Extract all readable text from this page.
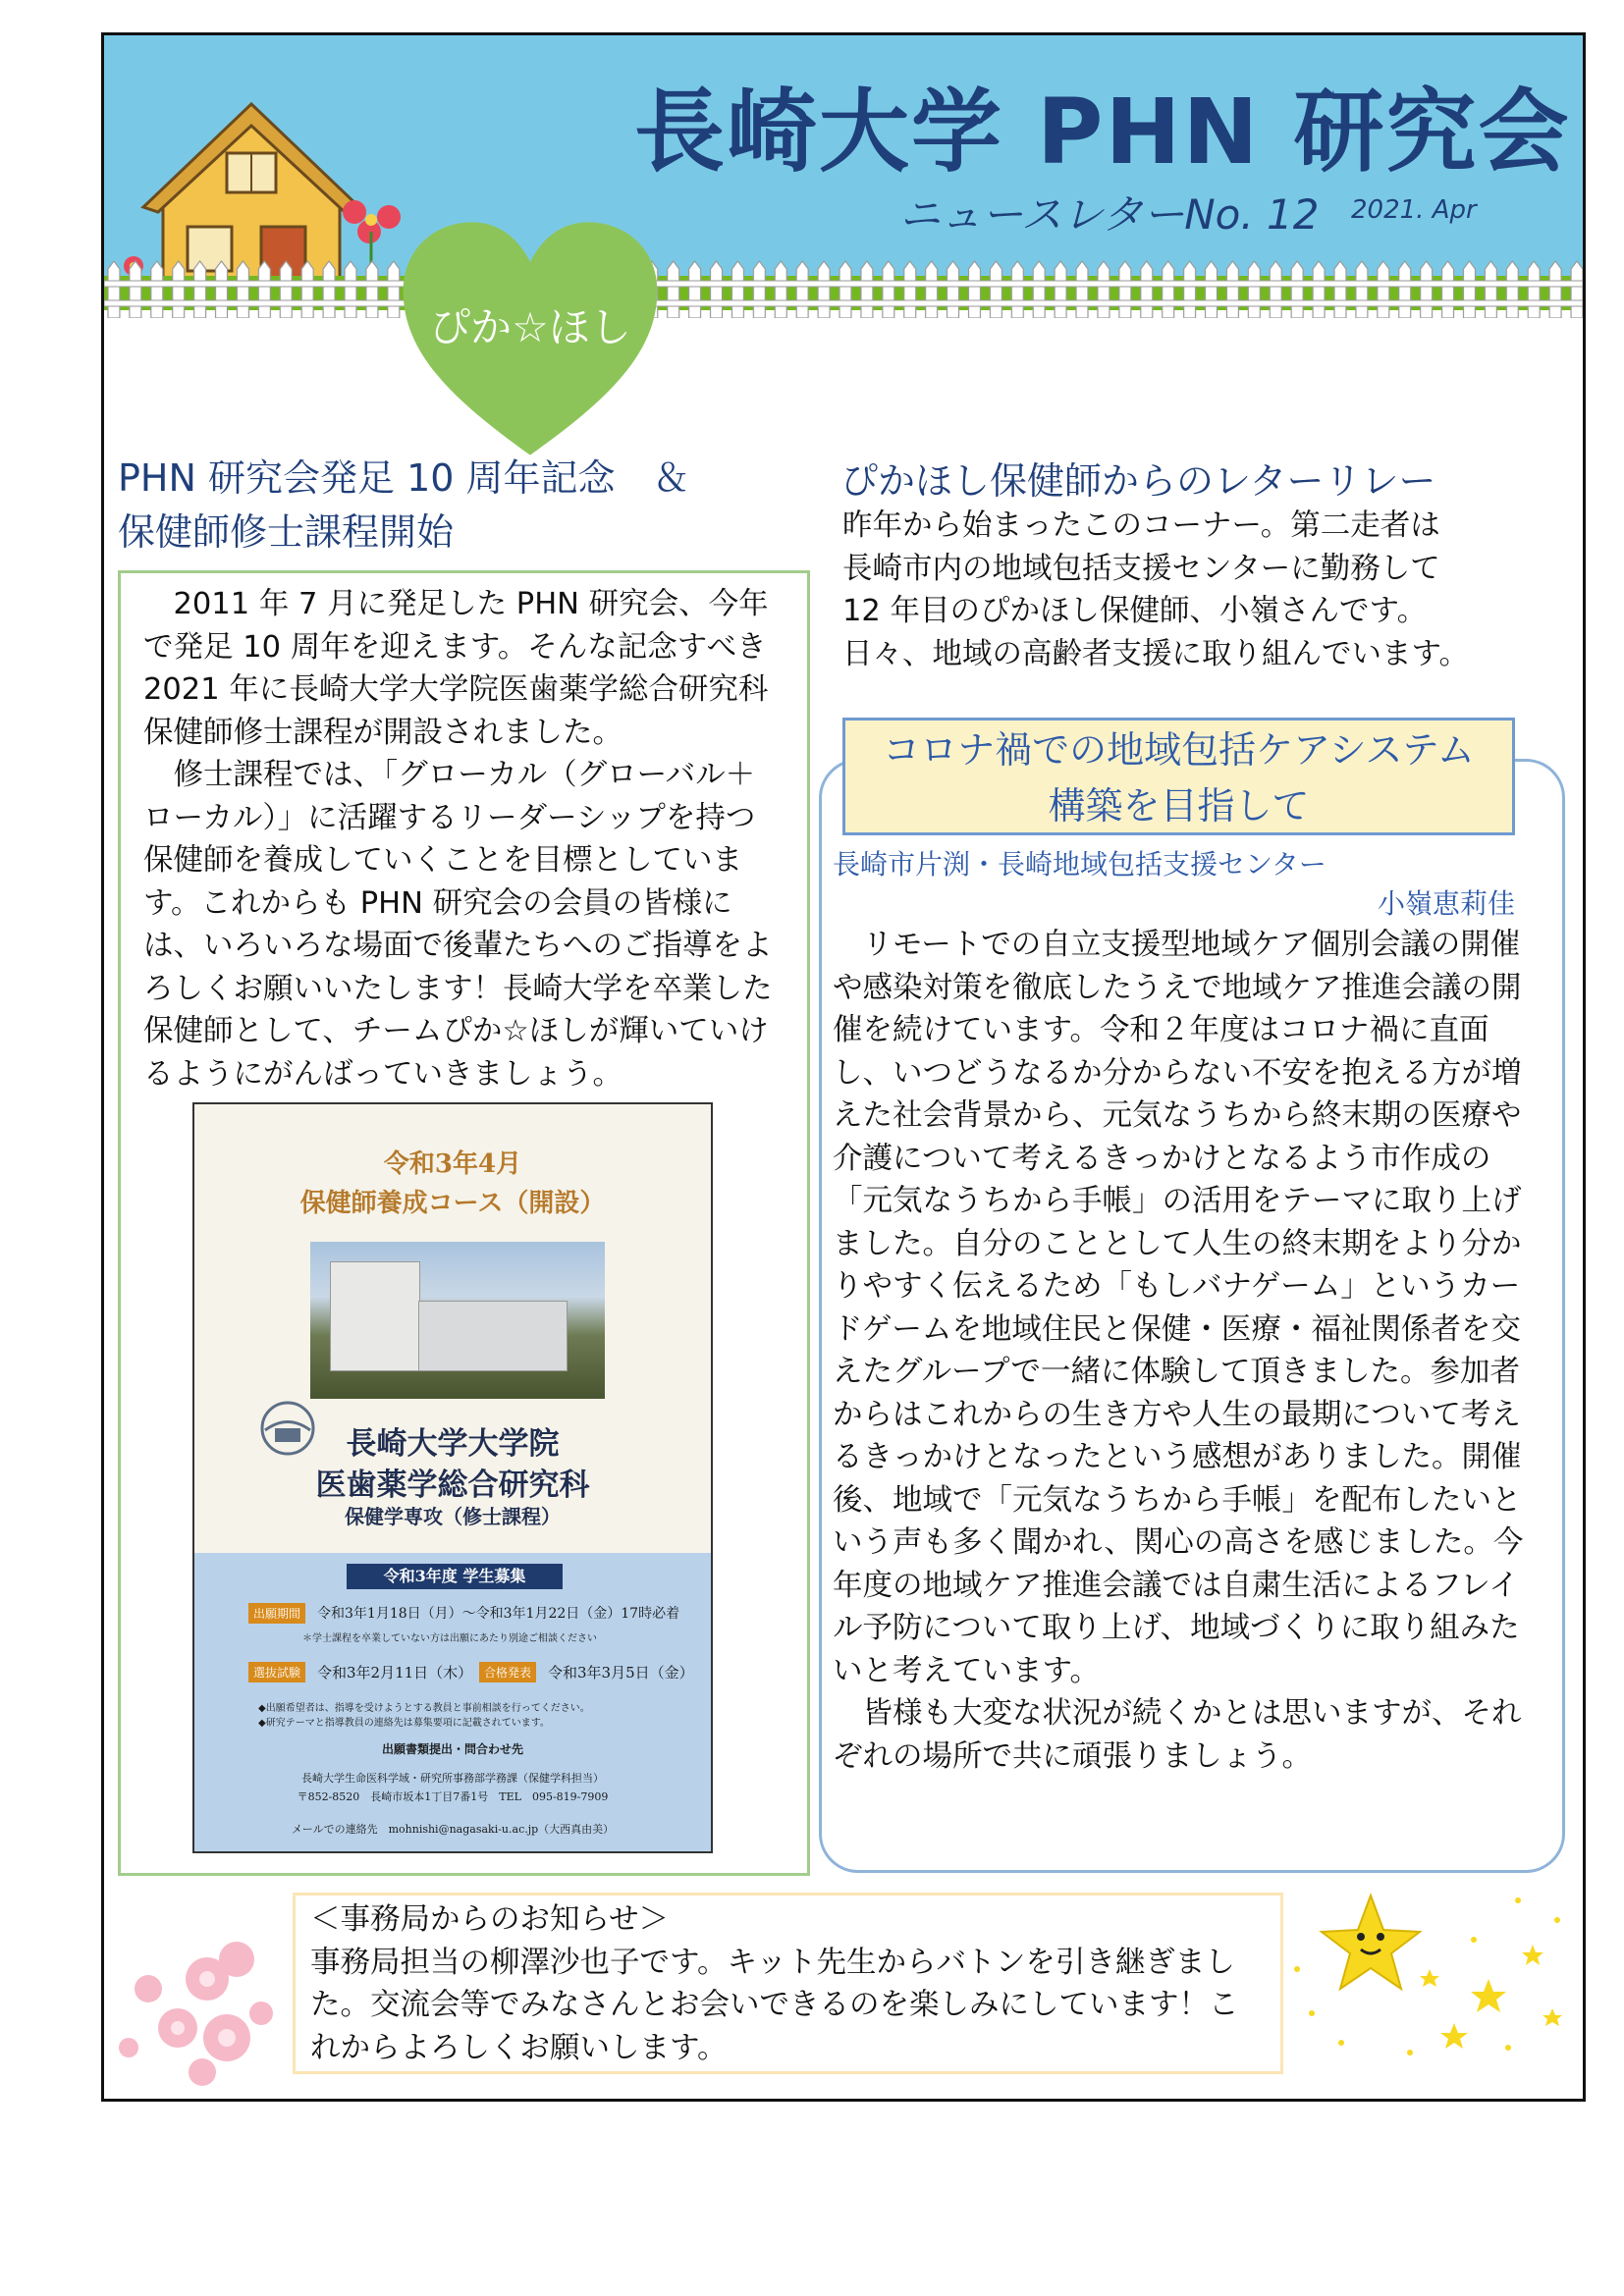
長崎大学 PHN 研究会
ニュースレターNo. 12 2021. Apr
ぴか☆ほし
PHN 研究会発足 10 周年記念　＆
保健師修士課程開始

2011 年 7 月に発足した PHN 研究会、今年で発足 10 周年を迎えます。そんな記念すべき 2021 年に長崎大学大学院医歯薬学総合研究科保健師修士課程が開設されました。

修士課程では、「グローカル（グローバル＋ローカル）」に活躍するリーダーシップを持つ保健師を養成していくことを目標としています。これからも PHN 研究会の会員の皆様には、いろいろな場面で後輩たちへのご指導をよろしくお願いいたします！長崎大学を卒業した保健師として、チームぴか☆ほしが輝いていけるようにがんばっていきましょう。

令和3年4月
保健師養成コース（開設）
長崎大学大学院
医歯薬学総合研究科
保健学専攻（修士課程）
令和3年度 学生募集
出願期間	令和3年1月18日（月）～令和3年1月22日（金）17時必着
＊学士課程を卒業していない方は出願にあたり別途ご相談ください
選抜試験	令和3年2月11日（木） 合格発表	令和3年3月5日（金）
◆出願希望者は、指導を受けようとする教員と事前相談を行ってください。
◆研究テーマと指導教員の連絡先は募集要項に記載されています。
出願書類提出・問合わせ先
長崎大学生命医科学域・研究所事務部学務課（保健学科担当）
〒852-8520　長崎市坂本1丁目7番1号　TEL　095-819-7909
メールでの連絡先　mohnishi@nagasaki-u.ac.jp（大西真由美）
ぴかほし保健師からのレターリレー
昨年から始まったこのコーナー。第二走者は
長崎市内の地域包括支援センターに勤務して
12 年目のぴかほし保健師、小嶺さんです。
日々、地域の高齢者支援に取り組んでいます。
コロナ禍での地域包括ケアシステム
構築を目指して
長崎市片渕・長崎地域包括支援センター
小嶺恵莉佳

リモートでの自立支援型地域ケア個別会議の開催や感染対策を徹底したうえで地域ケア推進会議の開催を続けています。令和２年度はコロナ禍に直面し、いつどうなるか分からない不安を抱える方が増えた社会背景から、元気なうちから終末期の医療や介護について考えるきっかけとなるよう市作成の「元気なうちから手帳」の活用をテーマに取り上げました。自分のこととして人生の終末期をより分かりやすく伝えるため「もしバナゲーム」というカードゲームを地域住民と保健・医療・福祉関係者を交えたグループで一緒に体験して頂きました。参加者からはこれからの生き方や人生の最期について考えるきっかけとなったという感想がありました。開催後、地域で「元気なうちから手帳」を配布したいという声も多く聞かれ、関心の高さを感じました。今年度の地域ケア推進会議では自粛生活によるフレイル予防について取り上げ、地域づくりに取り組みたいと考えています。

皆様も大変な状況が続くかとは思いますが、それぞれの場所で共に頑張りましょう。

＜事務局からのお知らせ＞
事務局担当の柳澤沙也子です。キット先生からバトンを引き継ぎまし
た。交流会等でみなさんとお会いできるのを楽しみにしています！こ
れからよろしくお願いします。
